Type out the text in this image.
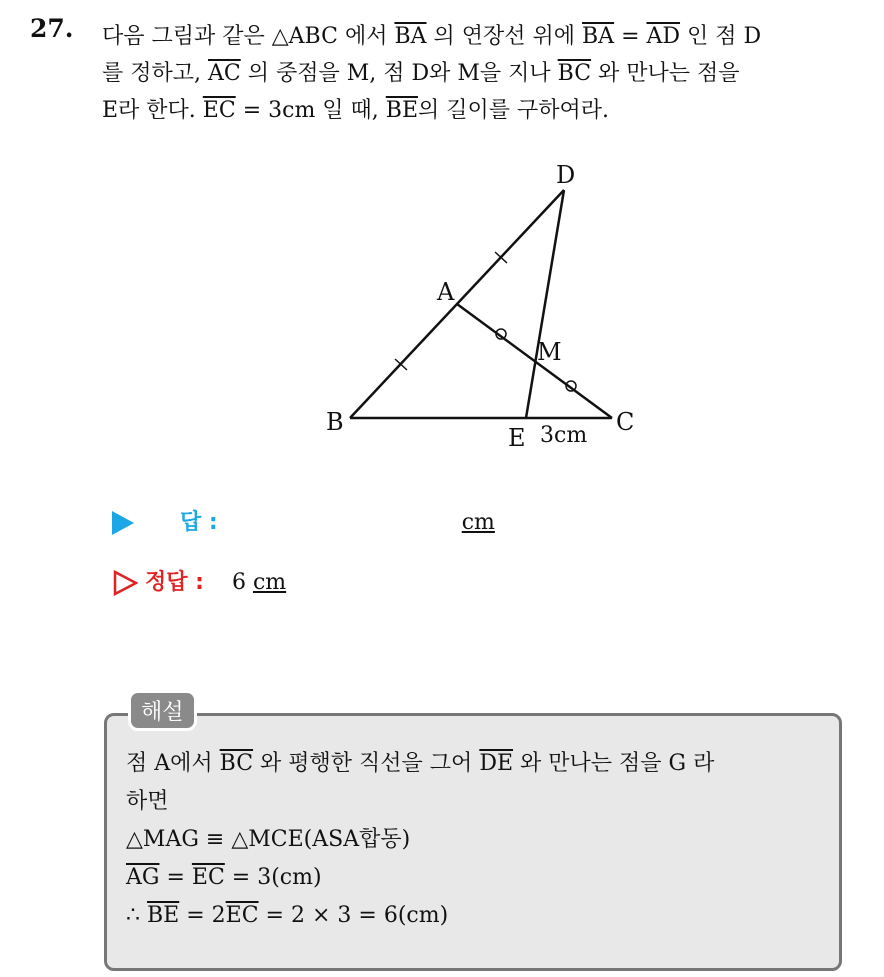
27. 다음 그림과 같은 △ABC 에서 $\overline{BA}$ 의 연장선 위에 $\overline{BA} = \overline{AD}$ 인 점 D
를 정하고, $\overline{AC}$ 의 중점을 M, 점 D와 M을 지나 $\overline{BC}$ 와 만나는 점을
E라 한다. $\overline{EC} = 3cm$ 일 때, $\overline{BE}$의 길이를 구하여라.
D
A
M
B	C
E 3cm
답 :	cm
정답 : 6 cm
해설
점 A에서 $\overline{BC}$ 와 평행한 직선을 그어 $\overline{DE}$ 와 만나는 점을 G 라
하면
△MAG ≡ △MCE(ASA합동)
$\overline{AG} = \overline{EC} = 3(cm)$
∴ $\overline{BE} = 2\overline{EC} = 2 \times 3 = 6(cm)$
